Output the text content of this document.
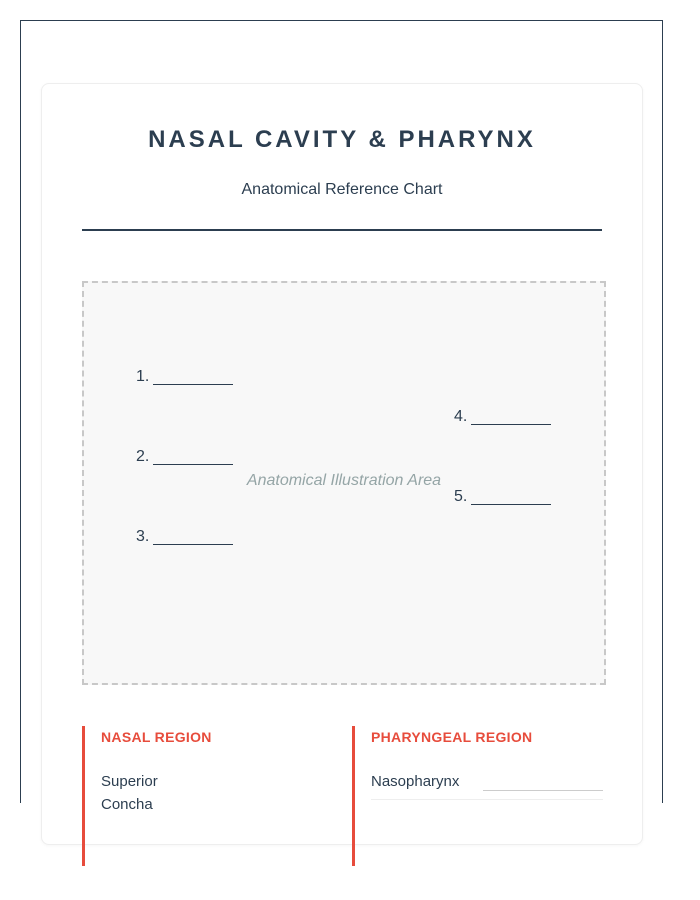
NASAL CAVITY & PHARYNX

Anatomical Reference Chart

1.
2.
3.
4.
5.
Anatomical Illustration Area
NASAL REGION
Superior Concha
PHARYNGEAL REGION
Nasopharynx
